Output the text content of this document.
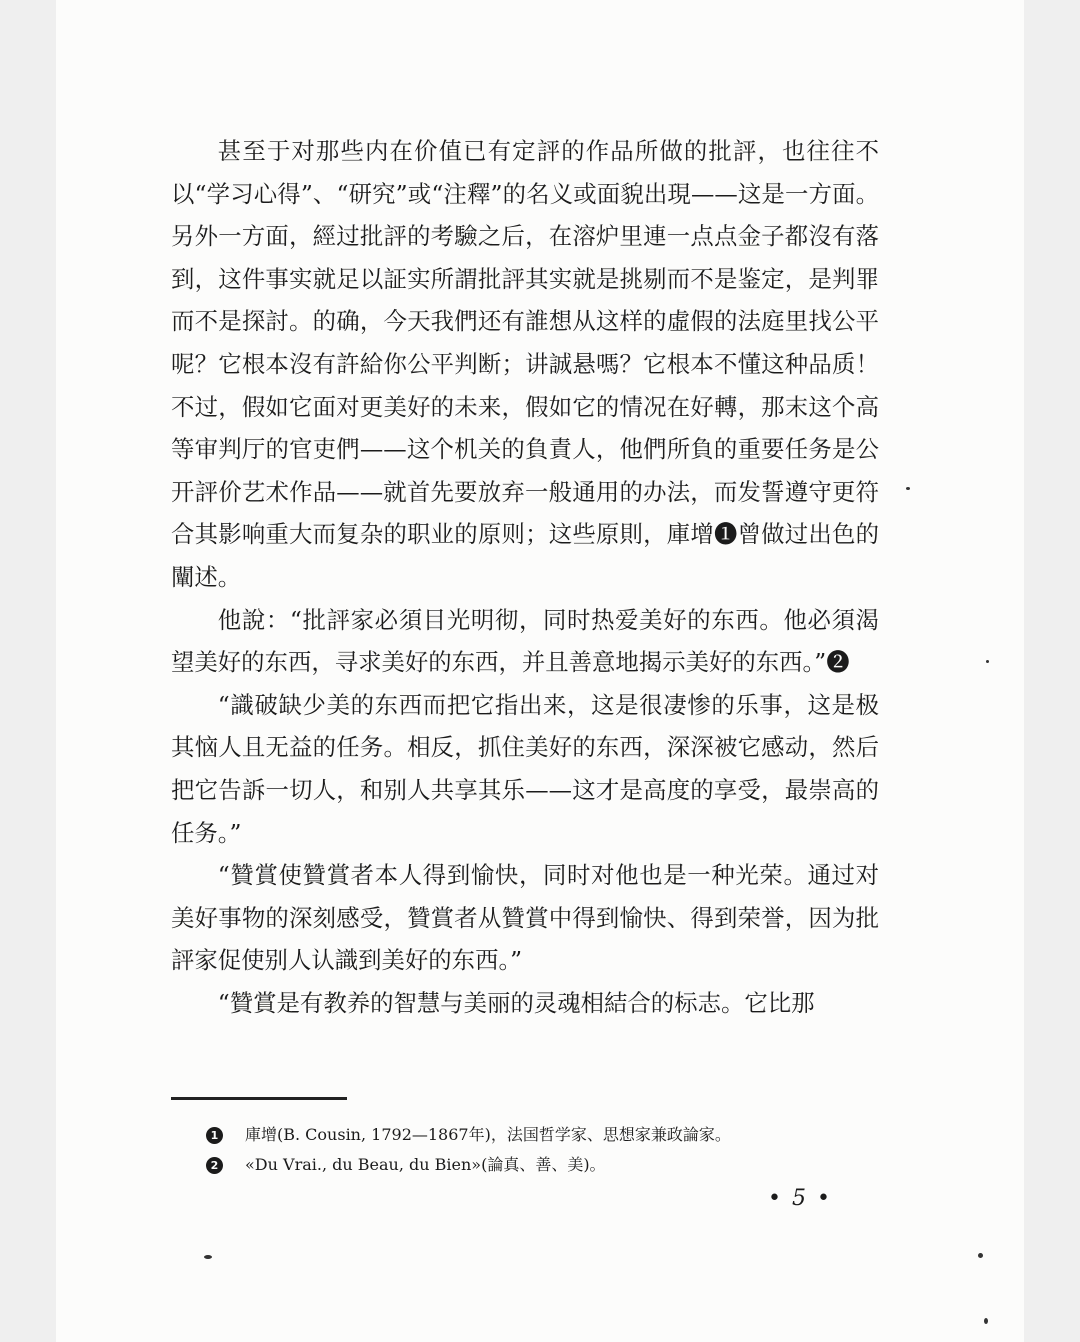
甚至于对那些内在价值已有定評的作品所做的批評，也往往不以“学习心得”、“研究”或“注釋”的名义或面貌出現——这是一方面。另外一方面，經过批評的考驗之后，在溶炉里連一点点金子都沒有落到，这件事实就足以証实所謂批評其实就是挑剔而不是鉴定，是判罪而不是探討。的确，今天我們还有誰想从这样的虛假的法庭里找公平呢？它根本沒有許給你公平判断；讲誠悬嗎？它根本不懂这种品质！不过，假如它面对更美好的未来，假如它的情况在好轉，那末这个高等审判厅的官吏們——这个机关的負責人，他們所負的重要任务是公开評价艺术作品——就首先要放弃一般通用的办法，而发誓遵守更符合其影响重大而复杂的职业的原则；这些原則，庫增❶曾做过出色的闡述。

他說：“批評家必須目光明彻，同时热爱美好的东西。他必須渴望美好的东西，寻求美好的东西，并且善意地揭示美好的东西。”❷

“識破缺少美的东西而把它指出来，这是很凄惨的乐事，这是极其恼人且无益的任务。相反，抓住美好的东西，深深被它感动，然后把它告訴一切人，和别人共享其乐——这才是高度的享受，最崇高的任务。”

“贊賞使贊賞者本人得到愉快，同时对他也是一种光荣。通过对美好事物的深刻感受，贊賞者从贊賞中得到愉快、得到荣誉，因为批評家促使别人认識到美好的东西。”

“贊賞是有教养的智慧与美丽的灵魂相結合的标志。它比那

1 庫增(B. Cousin, 1792—1867年)，法国哲学家、思想家兼政論家。
2 «Du Vrai., du Beau, du Bien»(論真、善、美)。
• 5 •
